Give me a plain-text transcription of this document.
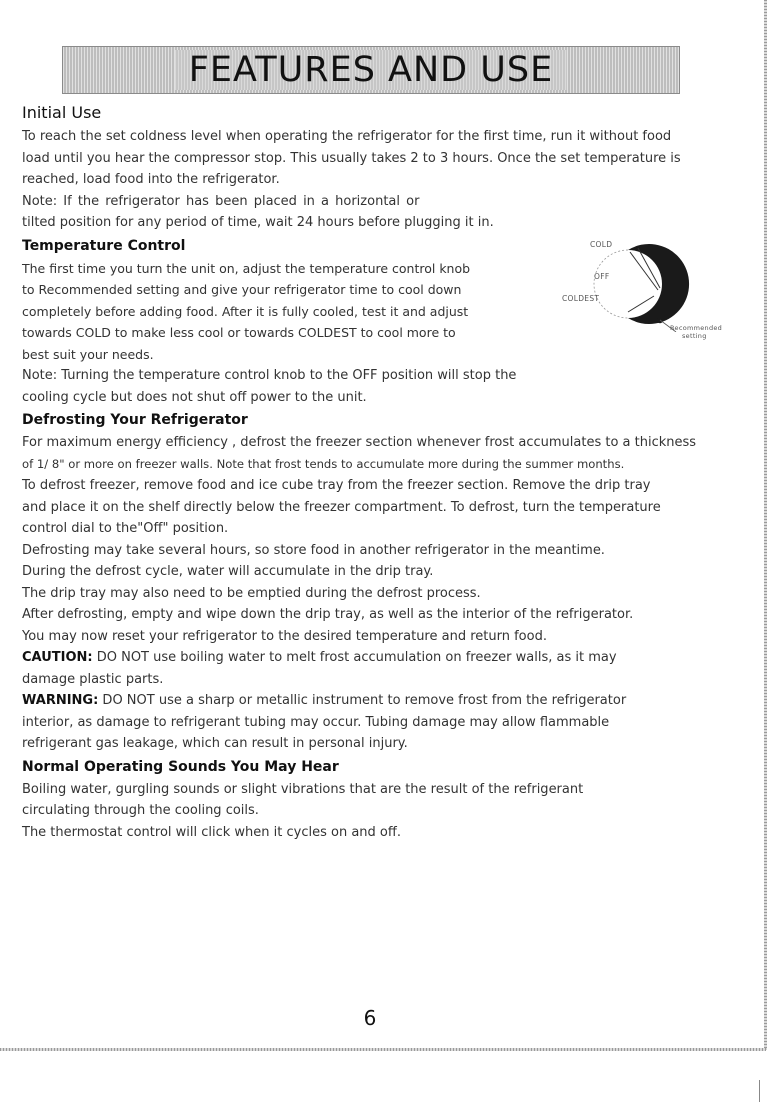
FEATURES AND USE

Initial Use

To reach the set coldness level when operating the refrigerator for the first time, run it without food

load until you hear the compressor stop. This usually takes 2 to 3 hours. Once the set temperature is

reached, load food into the refrigerator.

Note: If the refrigerator has been placed in a horizontal or

tilted position for any period of time, wait 24 hours before plugging it in.

Temperature Control

The first time you turn the unit on, adjust the temperature control knob

to Recommended setting and give your refrigerator time to cool down

completely before adding food. After it is fully cooled, test it and adjust

towards COLD to make less cool or towards COLDEST to cool more to

best suit your needs.

Note: Turning the temperature control knob to the OFF position will stop the

cooling cycle but does not shut off power to the unit.

COLD
OFF
COLDEST
Recommended
setting

Defrosting Your Refrigerator

For maximum energy efficiency , defrost the freezer section whenever frost accumulates to a thickness

of 1/ 8" or more on freezer walls. Note that frost tends to accumulate more during the summer months.

To defrost freezer, remove food and ice cube tray from the freezer section. Remove the drip tray

and place it on the shelf directly below the freezer compartment. To defrost, turn the temperature

control dial to the"Off" position.

Defrosting may take several hours, so store food in another refrigerator in the meantime.

During the defrost cycle, water will accumulate in the drip tray.

The drip tray may also need to be emptied during the defrost process.

After defrosting, empty and wipe down the drip tray, as well as the interior of the refrigerator.

You may now reset your refrigerator to the desired temperature and return food.

CAUTION: DO NOT use boiling water to melt frost accumulation on freezer walls, as it may

damage plastic parts.

WARNING: DO NOT use a sharp or metallic instrument to remove frost from the refrigerator

interior, as damage to refrigerant tubing may occur. Tubing damage may allow flammable

refrigerant gas leakage, which can result in personal injury.

Normal Operating Sounds You May Hear

Boiling water, gurgling sounds or slight vibrations that are the result of the refrigerant

circulating through the cooling coils.

The thermostat control will click when it cycles on and off.

6
